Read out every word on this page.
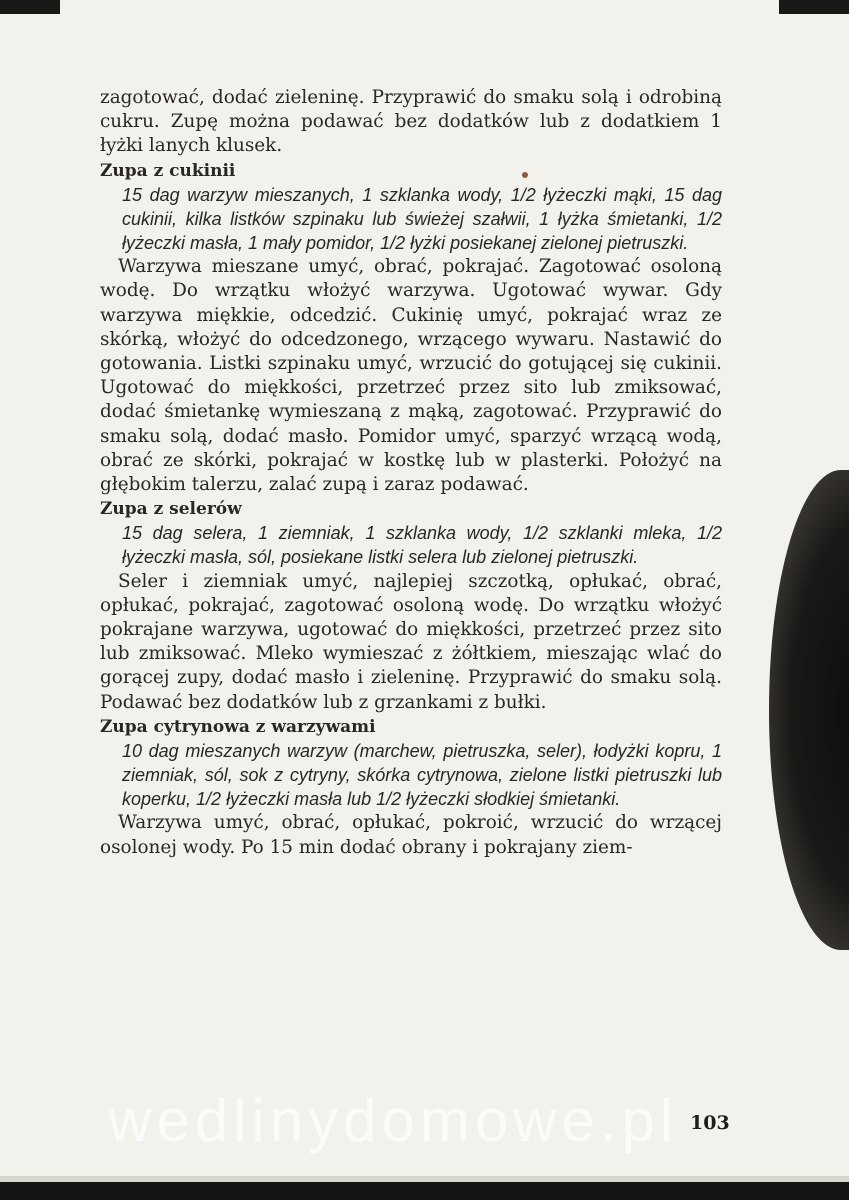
zagotować, dodać zieleninę. Przyprawić do smaku solą i odrobiną cukru. Zupę można podawać bez dodatków lub z dodatkiem 1 łyżki lanych klusek.

Zupa z cukinii

15 dag warzyw mieszanych, 1 szklanka wody, 1/2 łyżeczki mąki, 15 dag cukinii, kilka listków szpinaku lub świeżej szałwii, 1 łyżka śmietanki, 1/2 łyżeczki masła, 1 mały pomidor, 1/2 łyżki posiekanej zielonej pietruszki.

Warzywa mieszane umyć, obrać, pokrajać. Zagotować osoloną wodę. Do wrzątku włożyć warzywa. Ugotować wywar. Gdy warzywa miękkie, odcedzić. Cukinię umyć, pokrajać wraz ze skórką, włożyć do odcedzonego, wrzącego wywaru. Nastawić do gotowania. Listki szpinaku umyć, wrzucić do gotującej się cukinii. Ugotować do miękkości, przetrzeć przez sito lub zmiksować, dodać śmietankę wymieszaną z mąką, zagotować. Przyprawić do smaku solą, dodać masło. Pomidor umyć, sparzyć wrzącą wodą, obrać ze skórki, pokrajać w kostkę lub w plasterki. Położyć na głębokim talerzu, zalać zupą i zaraz podawać.

Zupa z selerów

15 dag selera, 1 ziemniak, 1 szklanka wody, 1/2 szklanki mleka, 1/2 łyżeczki masła, sól, posiekane listki selera lub zielonej pietruszki.

Seler i ziemniak umyć, najlepiej szczotką, opłukać, obrać, opłukać, pokrajać, zagotować osoloną wodę. Do wrzątku włożyć pokrajane warzywa, ugotować do miękkości, przetrzeć przez sito lub zmiksować. Mleko wymieszać z żółtkiem, mieszając wlać do gorącej zupy, dodać masło i zieleninę. Przyprawić do smaku solą. Podawać bez dodatków lub z grzankami z bułki.

Zupa cytrynowa z warzywami

10 dag mieszanych warzyw (marchew, pietruszka, seler), łodyżki kopru, 1 ziemniak, sól, sok z cytryny, skórka cytrynowa, zielone listki pietruszki lub koperku, 1/2 łyżeczki masła lub 1/2 łyżeczki słodkiej śmietanki.

Warzywa umyć, obrać, opłukać, pokroić, wrzucić do wrzącej osolonej wody. Po 15 min dodać obrany i pokrajany ziem-

wedlinydomowe.pl 103
